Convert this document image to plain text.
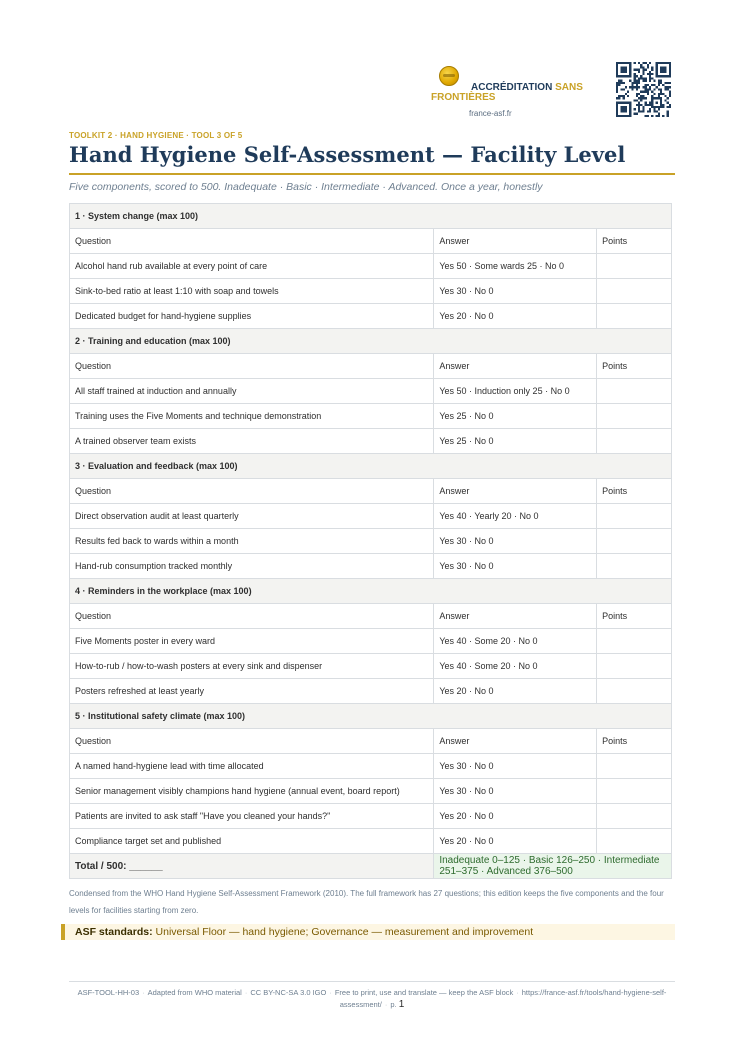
ACCRÉDITATION SANS
FRONTIÈRES
france-asf.fr
TOOLKIT 2 · HAND HYGIENE · TOOL 3 OF 5
Hand Hygiene Self-Assessment — Facility Level
Five components, scored to 500. Inadequate · Basic · Intermediate · Advanced. Once a year, honestly
1 · System change (max 100)		
Question	Answer	Points
Alcohol hand rub available at every point of care	Yes 50 · Some wards 25 · No 0	
Sink-to-bed ratio at least 1:10 with soap and towels	Yes 30 · No 0	
Dedicated budget for hand-hygiene supplies	Yes 20 · No 0	
2 · Training and education (max 100)		
Question	Answer	Points
All staff trained at induction and annually	Yes 50 · Induction only 25 · No 0	
Training uses the Five Moments and technique demonstration	Yes 25 · No 0	
A trained observer team exists	Yes 25 · No 0	
3 · Evaluation and feedback (max 100)		
Question	Answer	Points
Direct observation audit at least quarterly	Yes 40 · Yearly 20 · No 0	
Results fed back to wards within a month	Yes 30 · No 0	
Hand-rub consumption tracked monthly	Yes 30 · No 0	
4 · Reminders in the workplace (max 100)		
Question	Answer	Points
Five Moments poster in every ward	Yes 40 · Some 20 · No 0	
How-to-rub / how-to-wash posters at every sink and dispenser	Yes 40 · Some 20 · No 0	
Posters refreshed at least yearly	Yes 20 · No 0	
5 · Institutional safety climate (max 100)		
Question	Answer	Points
A named hand-hygiene lead with time allocated	Yes 30 · No 0	
Senior management visibly champions hand hygiene (annual event, board report)	Yes 30 · No 0	
Patients are invited to ask staff "Have you cleaned your hands?"	Yes 20 · No 0	
Compliance target set and published	Yes 20 · No 0	
Total / 500: ______	Inadequate 0–125 · Basic 126–250 · Intermediate 251–375 · Advanced 376–500	
Condensed from the WHO Hand Hygiene Self-Assessment Framework (2010). The full framework has 27 questions; this edition keeps the five components and the four levels for facilities starting from zero.
ASF standards: Universal Floor — hand hygiene; Governance — measurement and improvement
ASF-TOOL-HH-03 · Adapted from WHO material · CC BY-NC-SA 3.0 IGO · Free to print, use and translate — keep the ASF block · https://france-asf.fr/tools/hand-hygiene-self-assessment/ · p. 1
